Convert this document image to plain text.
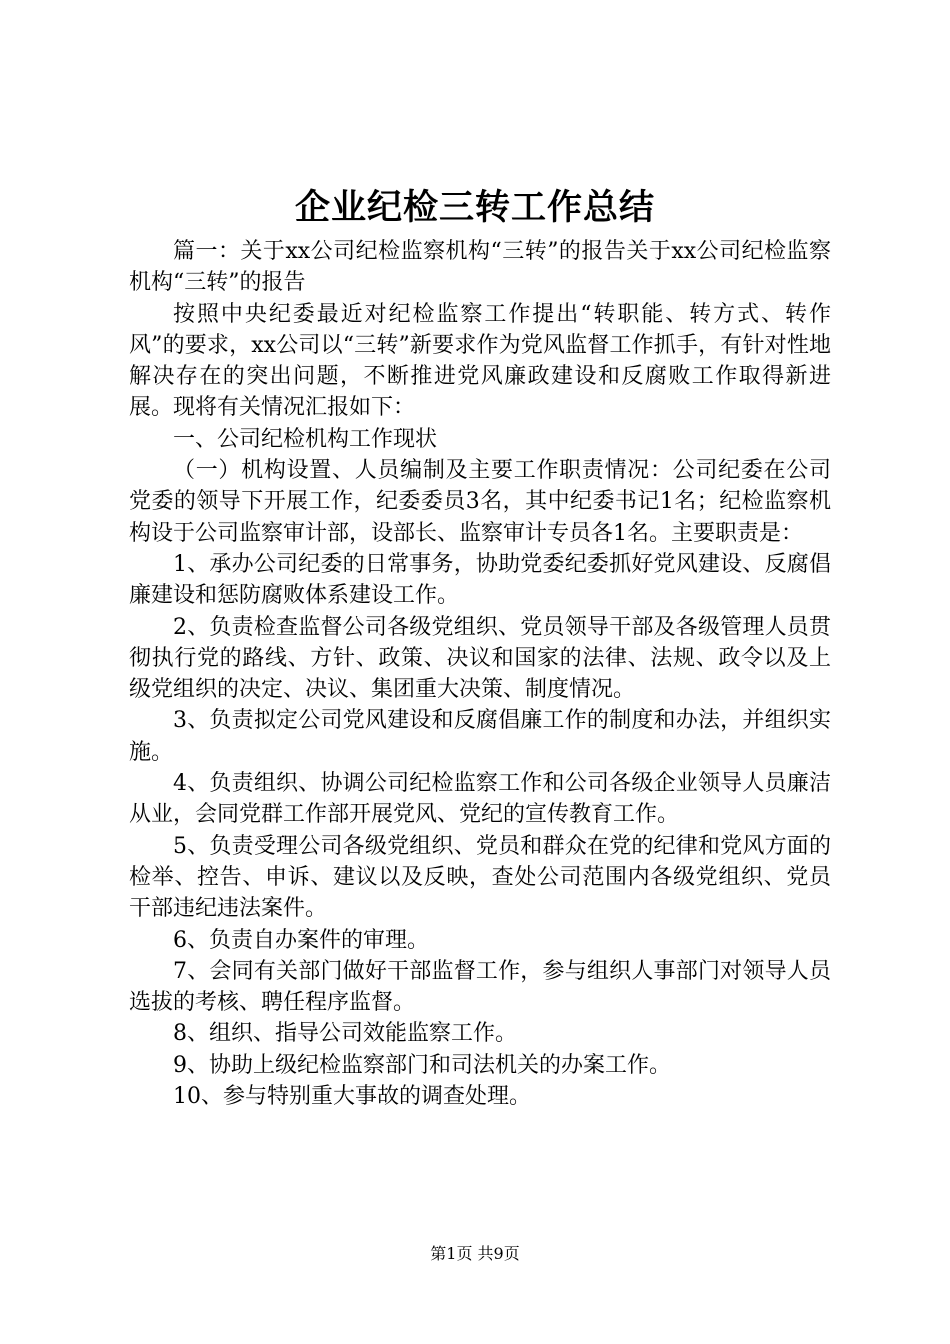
企业纪检三转工作总结

篇一：关于xx公司纪检监察机构“三转”的报告关于xx公司纪检监察机构“三转”的报告

按照中央纪委最近对纪检监察工作提出“转职能、转方式、转作风”的要求，xx公司以“三转”新要求作为党风监督工作抓手，有针对性地解决存在的突出问题，不断推进党风廉政建设和反腐败工作取得新进展。现将有关情况汇报如下：

一、公司纪检机构工作现状

（一）机构设置、人员编制及主要工作职责情况：公司纪委在公司党委的领导下开展工作，纪委委员3名，其中纪委书记1名；纪检监察机构设于公司监察审计部，设部长、监察审计专员各1名。主要职责是：

1、承办公司纪委的日常事务，协助党委纪委抓好党风建设、反腐倡廉建设和惩防腐败体系建设工作。

2、负责检查监督公司各级党组织、党员领导干部及各级管理人员贯彻执行党的路线、方针、政策、决议和国家的法律、法规、政令以及上级党组织的决定、决议、集团重大决策、制度情况。

3、负责拟定公司党风建设和反腐倡廉工作的制度和办法，并组织实施。

4、负责组织、协调公司纪检监察工作和公司各级企业领导人员廉洁从业，会同党群工作部开展党风、党纪的宣传教育工作。

5、负责受理公司各级党组织、党员和群众在党的纪律和党风方面的检举、控告、申诉、建议以及反映，查处公司范围内各级党组织、党员干部违纪违法案件。

6、负责自办案件的审理。

7、会同有关部门做好干部监督工作，参与组织人事部门对领导人员选拔的考核、聘任程序监督。

8、组织、指导公司效能监察工作。

9、协助上级纪检监察部门和司法机关的办案工作。

10、参与特别重大事故的调查处理。

第1页 共9页
